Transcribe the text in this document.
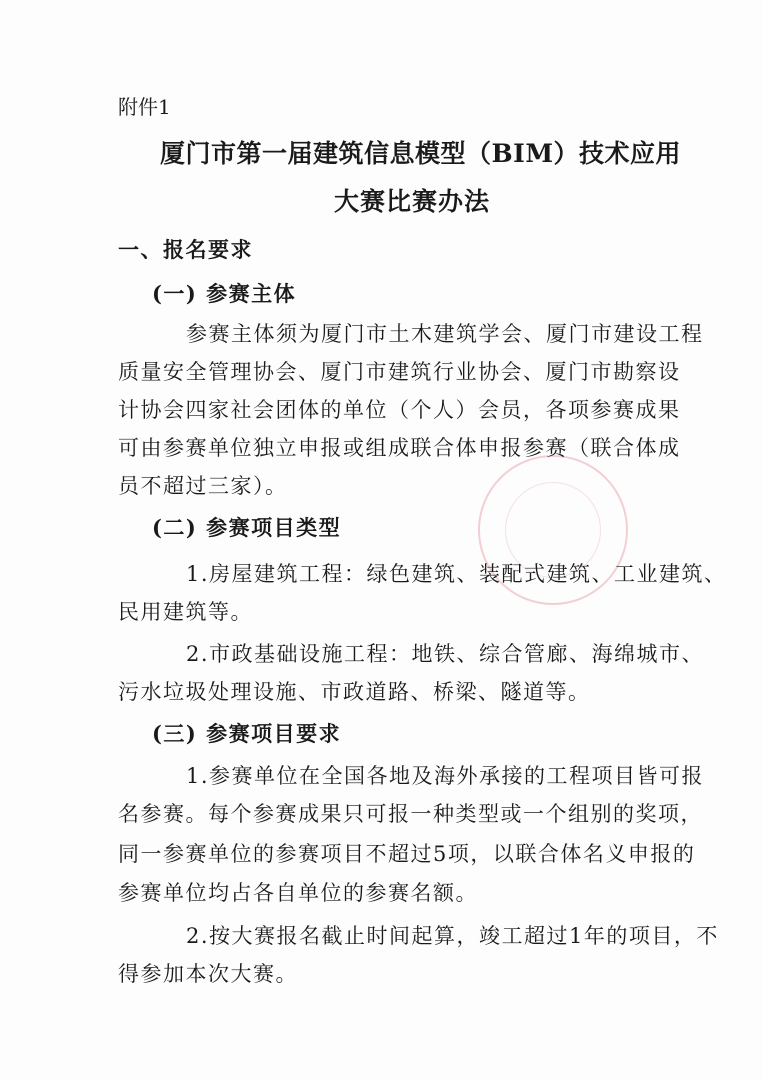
附件1
厦门市第一届建筑信息模型（BIM）技术应用
大赛比赛办法
一、报名要求
(一) 参赛主体
参赛主体须为厦门市土木建筑学会、厦门市建设工程
质量安全管理协会、厦门市建筑行业协会、厦门市勘察设
计协会四家社会团体的单位（个人）会员，各项参赛成果
可由参赛单位独立申报或组成联合体申报参赛（联合体成
员不超过三家）。
(二) 参赛项目类型
1.房屋建筑工程：绿色建筑、装配式建筑、工业建筑、
民用建筑等。
2.市政基础设施工程：地铁、综合管廊、海绵城市、
污水垃圾处理设施、市政道路、桥梁、隧道等。
(三) 参赛项目要求
1.参赛单位在全国各地及海外承接的工程项目皆可报
名参赛。每个参赛成果只可报一种类型或一个组别的奖项，
同一参赛单位的参赛项目不超过5项，以联合体名义申报的
参赛单位均占各自单位的参赛名额。
2.按大赛报名截止时间起算，竣工超过1年的项目，不
得参加本次大赛。
